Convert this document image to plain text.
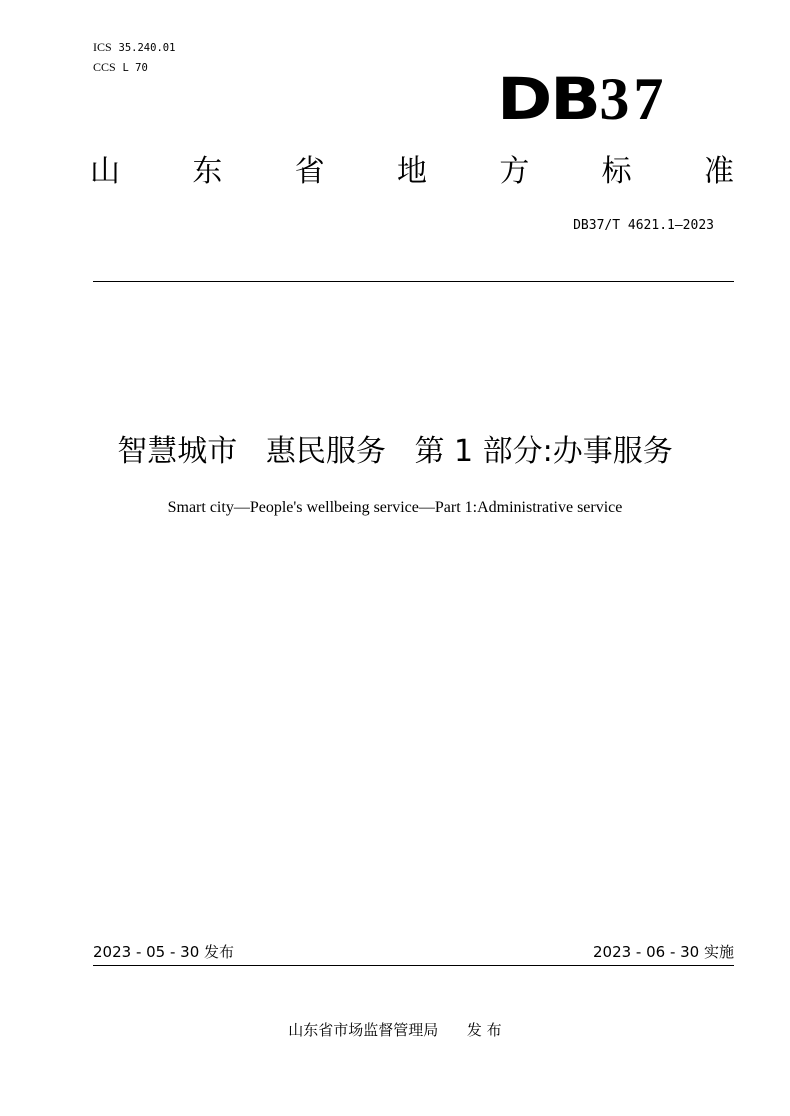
ICS 35.240.01
CCS L 70	DB 37
山 东 省 地 方 标 准
DB37/T 4621.1—2023
智慧城市   惠民服务   第 1 部分:办事服务
Smart city—People's wellbeing service—Part 1:Administrative service
2023 - 05 - 30 发布	2023 - 06 - 30 实施
山东省市场监督管理局      发 布
